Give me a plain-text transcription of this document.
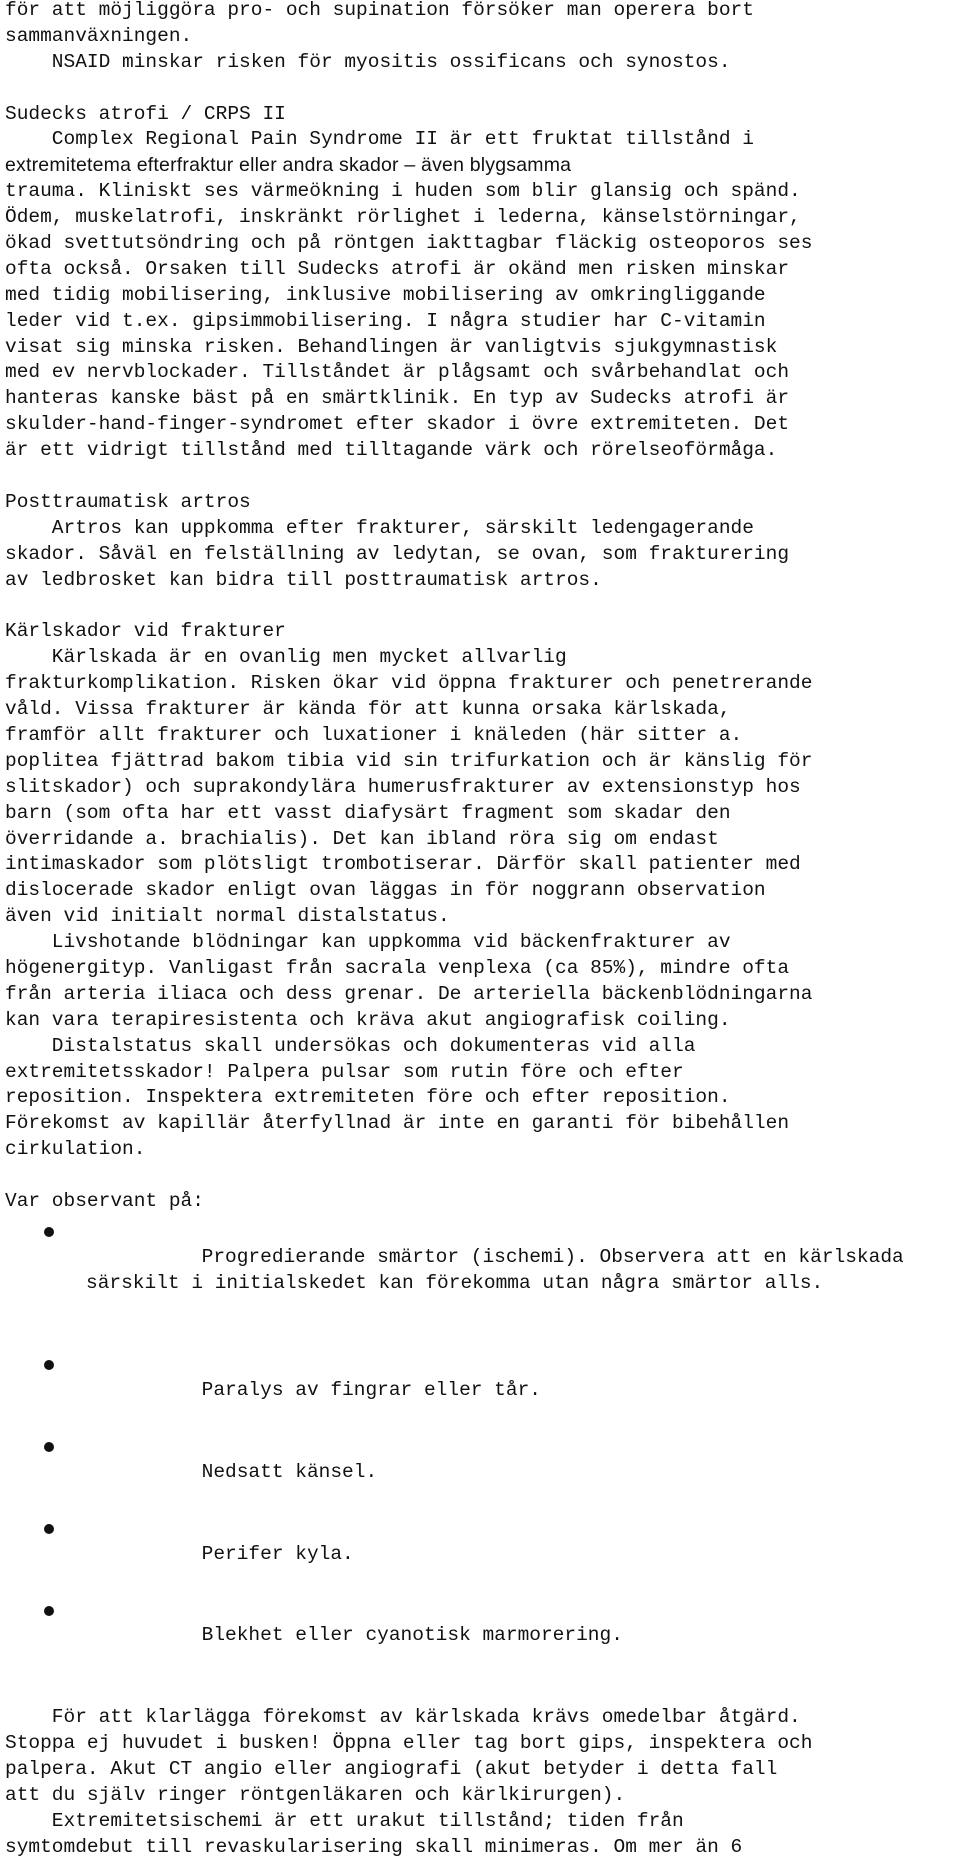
för att möjliggöra pro- och supination försöker man operera bort
sammanväxningen.
NSAID minskar risken för myositis ossificans och synostos.
Sudecks atrofi / CRPS II
Complex Regional Pain Syndrome II är ett fruktat tillstånd i
extremitetema efterfraktur eller andra skador – även blygsamma
trauma. Kliniskt ses värmeökning i huden som blir glansig och spänd.
Ödem, muskelatrofi, inskränkt rörlighet i lederna, känselstörningar,
ökad svettutsöndring och på röntgen iakttagbar fläckig osteoporos ses
ofta också. Orsaken till Sudecks atrofi är okänd men risken minskar
med tidig mobilisering, inklusive mobilisering av omkringliggande
leder vid t.ex. gipsimmobilisering. I några studier har C-vitamin
visat sig minska risken. Behandlingen är vanligtvis sjukgymnastisk
med ev nervblockader. Tillståndet är plågsamt och svårbehandlat och
hanteras kanske bäst på en smärtklinik. En typ av Sudecks atrofi är
skulder-hand-finger-syndromet efter skador i övre extremiteten. Det
är ett vidrigt tillstånd med tilltagande värk och rörelseoförmåga.
Posttraumatisk artros
Artros kan uppkomma efter frakturer, särskilt ledengagerande
skador. Såväl en felställning av ledytan, se ovan, som frakturering
av ledbrosket kan bidra till posttraumatisk artros.
Kärlskador vid frakturer
Kärlskada är en ovanlig men mycket allvarlig
frakturkomplikation. Risken ökar vid öppna frakturer och penetrerande
våld. Vissa frakturer är kända för att kunna orsaka kärlskada,
framför allt frakturer och luxationer i knäleden (här sitter a.
poplitea fjättrad bakom tibia vid sin trifurkation och är känslig för
slitskador) och suprakondylära humerusfrakturer av extensionstyp hos
barn (som ofta har ett vasst diafysärt fragment som skadar den
överridande a. brachialis). Det kan ibland röra sig om endast
intimaskador som plötsligt trombotiserar. Därför skall patienter med
dislocerade skador enligt ovan läggas in för noggrann observation
även vid initialt normal distalstatus.
Livshotande blödningar kan uppkomma vid bäckenfrakturer av
högenergityp. Vanligast från sacrala venplexa (ca 85%), mindre ofta
från arteria iliaca och dess grenar. De arteriella bäckenblödningarna
kan vara terapiresistenta och kräva akut angiografisk coiling.
Distalstatus skall undersökas och dokumenteras vid alla
extremitetsskador! Palpera pulsar som rutin före och efter
reposition. Inspektera extremiteten före och efter reposition.
Förekomst av kapillär återfyllnad är inte en garanti för bibehållen
cirkulation.
Var observant på:

Progredierande smärtor (ischemi). Observera att en kärlskada
särskilt i initialskedet kan förekomma utan några smärtor alls.

Paralys av fingrar eller tår.

Nedsatt känsel.

Perifer kyla.

Blekhet eller cyanotisk marmorering.

För att klarlägga förekomst av kärlskada krävs omedelbar åtgärd.
Stoppa ej huvudet i busken! Öppna eller tag bort gips, inspektera och
palpera. Akut CT angio eller angiografi (akut betyder i detta fall
att du själv ringer röntgenläkaren och kärlkirurgen).
Extremitetsischemi är ett urakut tillstånd; tiden från
symtomdebut till revaskularisering skall minimeras. Om mer än 6
